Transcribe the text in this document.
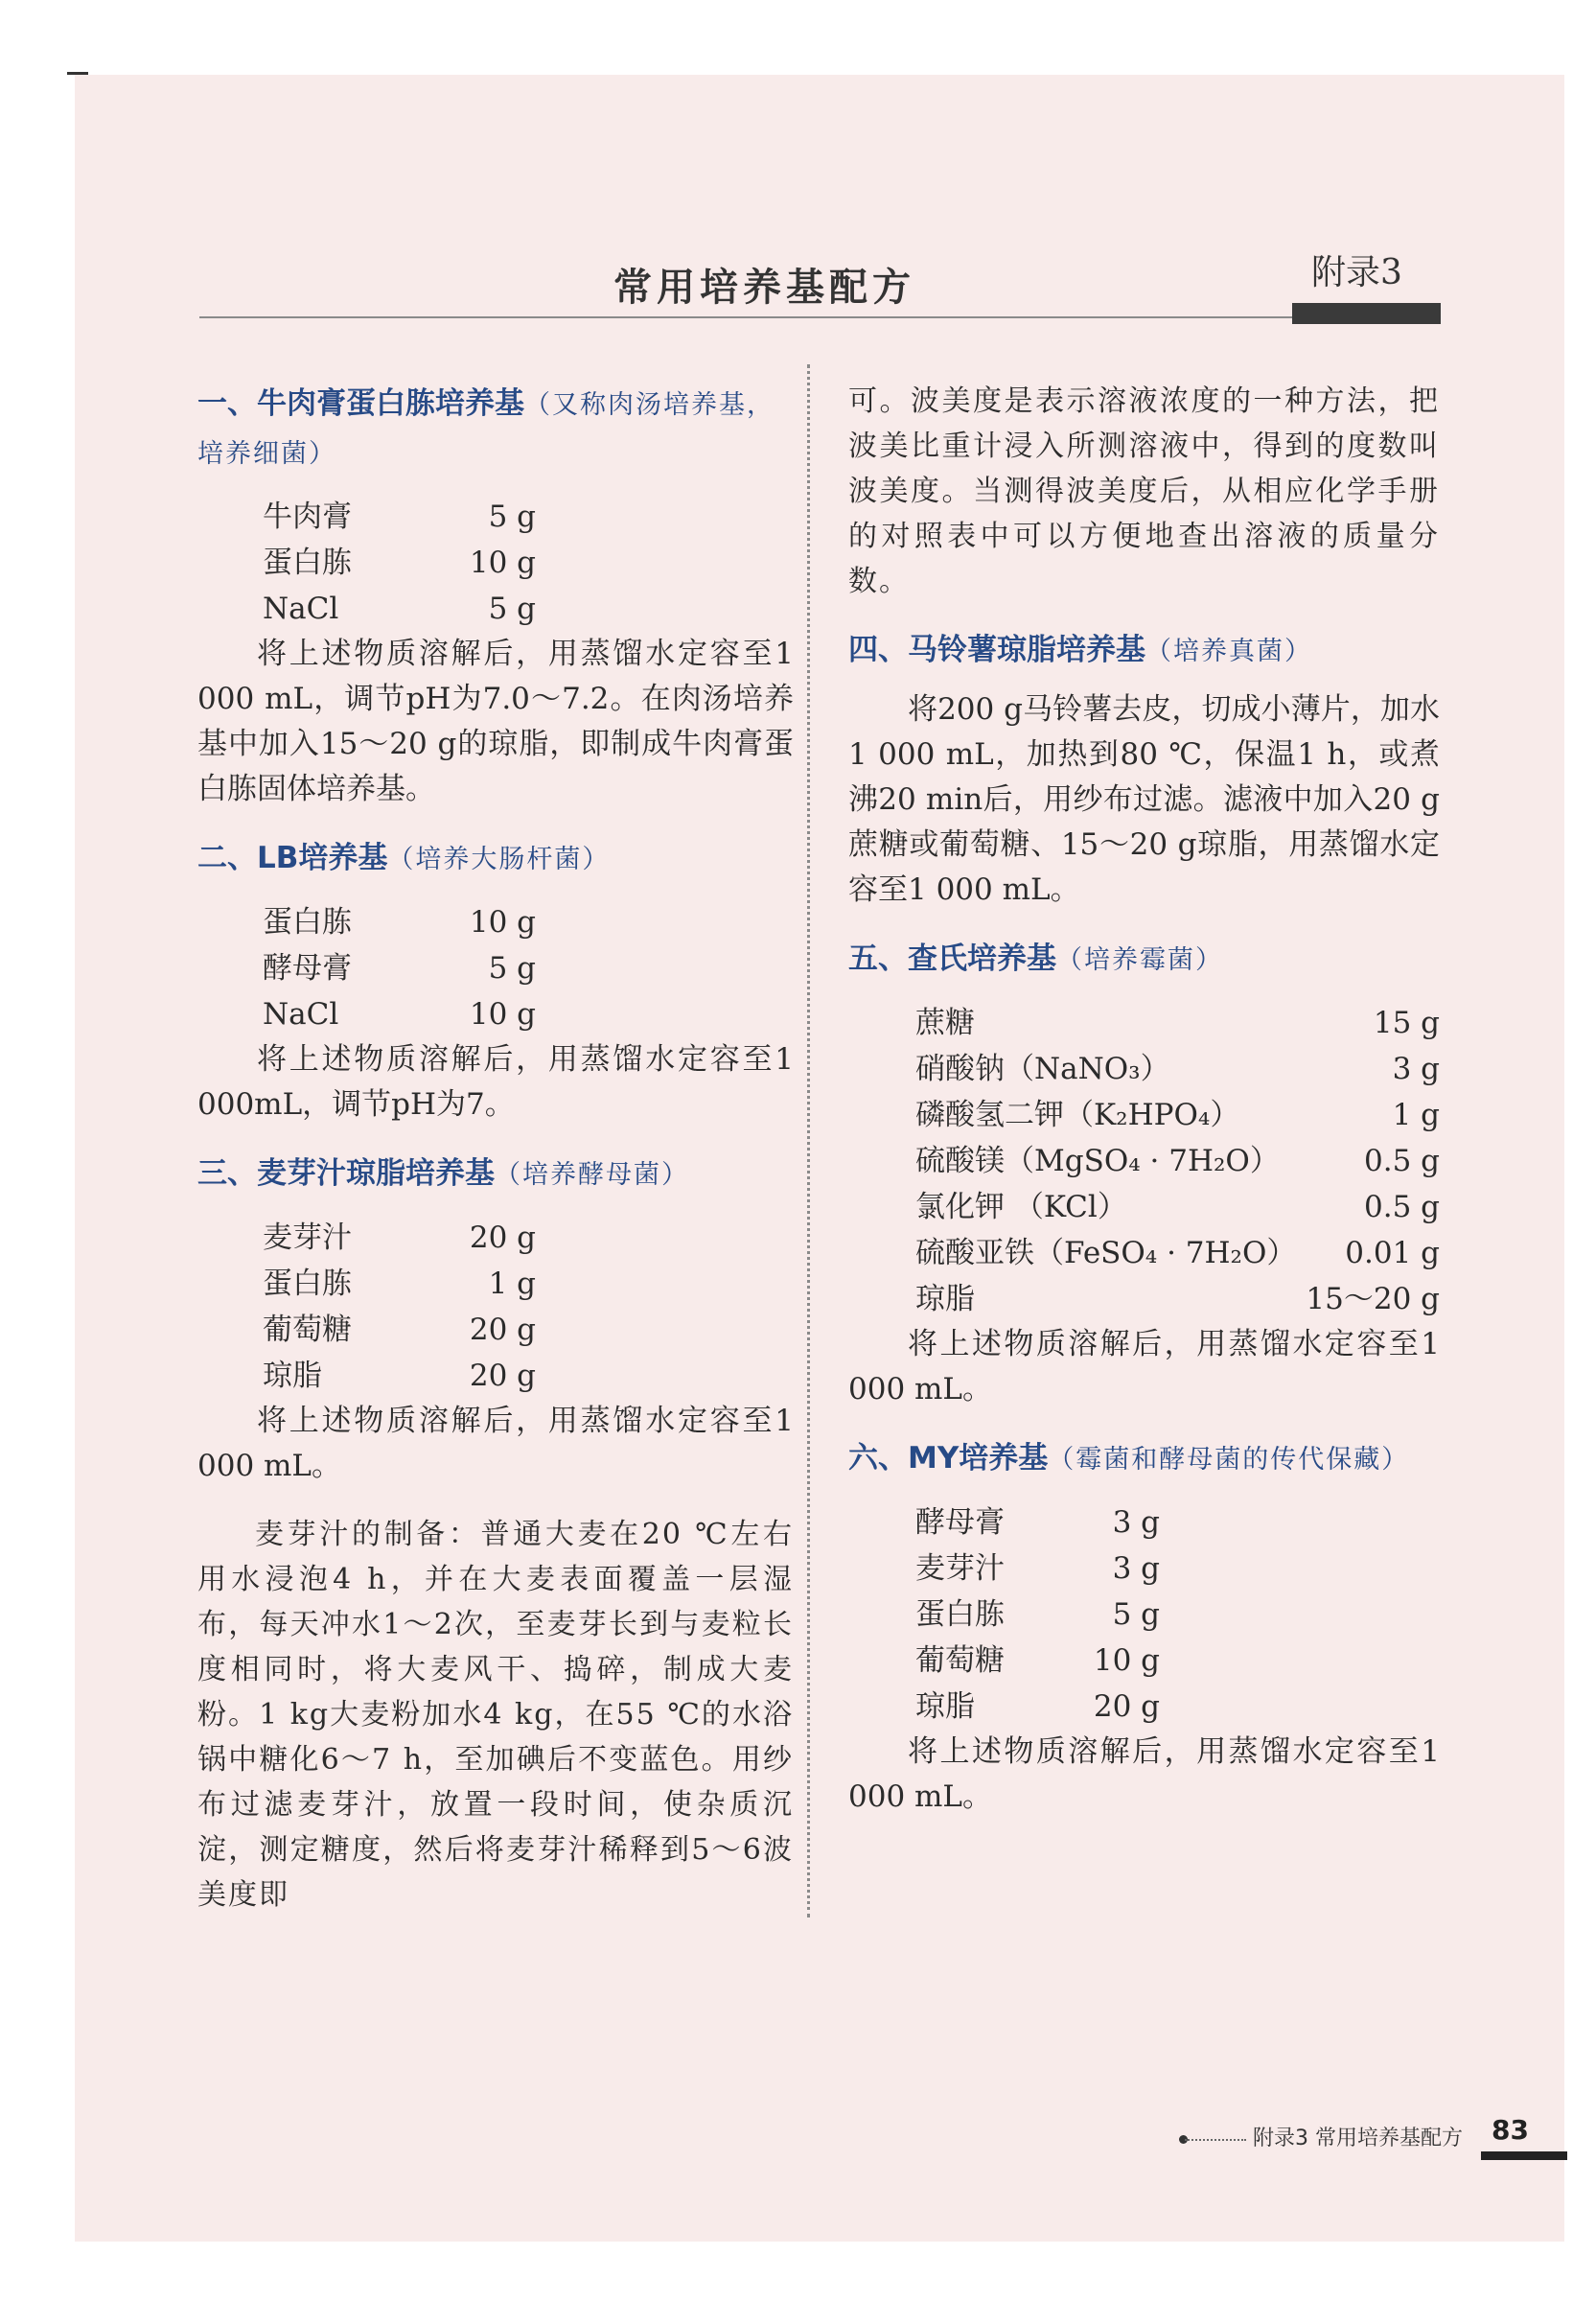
附录3
常用培养基配方
一、牛肉膏蛋白胨培养基（又称肉汤培养基，培养细菌）
牛肉膏	5 g
蛋白胨	10 g
NaCl	5 g

将上述物质溶解后，用蒸馏水定容至1 000 mL，调节pH为7.0～7.2。在肉汤培养基中加入15～20 g的琼脂，即制成牛肉膏蛋白胨固体培养基。

二、LB培养基（培养大肠杆菌）
蛋白胨	10 g
酵母膏	5 g
NaCl	10 g

将上述物质溶解后，用蒸馏水定容至1 000mL，调节pH为7。

三、麦芽汁琼脂培养基（培养酵母菌）
麦芽汁	20 g
蛋白胨	1 g
葡萄糖	20 g
琼脂	20 g

将上述物质溶解后，用蒸馏水定容至1 000 mL。

麦芽汁的制备：普通大麦在20 ℃左右用水浸泡4 h，并在大麦表面覆盖一层湿布，每天冲水1～2次，至麦芽长到与麦粒长度相同时，将大麦风干、捣碎，制成大麦粉。1 kg大麦粉加水4 kg，在55 ℃的水浴锅中糖化6～7 h，至加碘后不变蓝色。用纱布过滤麦芽汁，放置一段时间，使杂质沉淀，测定糖度，然后将麦芽汁稀释到5～6波美度即

可。波美度是表示溶液浓度的一种方法，把波美比重计浸入所测溶液中，得到的度数叫波美度。当测得波美度后，从相应化学手册的对照表中可以方便地查出溶液的质量分数。

四、马铃薯琼脂培养基（培养真菌）

将200 g马铃薯去皮，切成小薄片，加水1 000 mL，加热到80 ℃，保温1 h，或煮沸20 min后，用纱布过滤。滤液中加入20 g蔗糖或葡萄糖、15～20 g琼脂，用蒸馏水定容至1 000 mL。

五、查氏培养基（培养霉菌）
蔗糖	15 g
硝酸钠（NaNO₃）	3 g
磷酸氢二钾（K₂HPO₄）	1 g
硫酸镁（MgSO₄ · 7H₂O）	0.5 g
氯化钾 （KCl）	0.5 g
硫酸亚铁（FeSO₄ · 7H₂O）	0.01 g
琼脂	15～20 g

将上述物质溶解后，用蒸馏水定容至1 000 mL。

六、MY培养基（霉菌和酵母菌的传代保藏）
酵母膏	3 g
麦芽汁	3 g
蛋白胨	5 g
葡萄糖	10 g
琼脂	20 g

将上述物质溶解后，用蒸馏水定容至1 000 mL。

附录3 常用培养基配方 83
